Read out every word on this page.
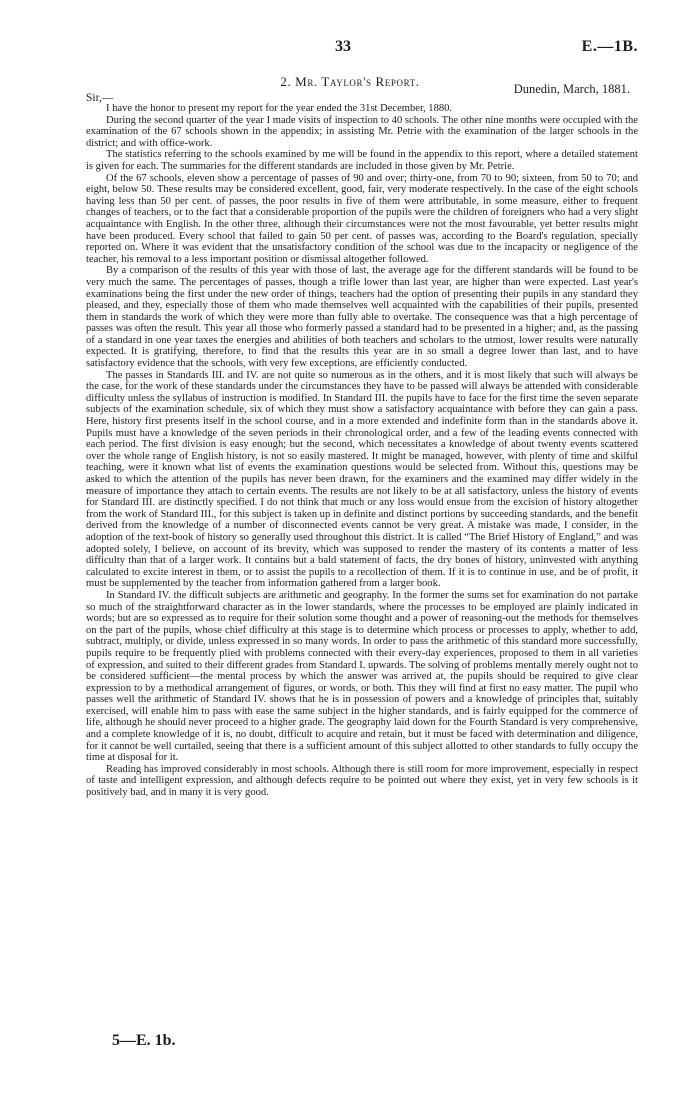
33	E.—1B.
2. Mr. Taylor's Report.	Dunedin, March, 1881.
Sir,—

I have the honor to present my report for the year ended the 31st December, 1880.

During the second quarter of the year I made visits of inspection to 40 schools. The other nine months were occupied with the examination of the 67 schools shown in the appendix; in assisting Mr. Petrie with the examination of the larger schools in the district; and with office-work.

The statistics referring to the schools examined by me will be found in the appendix to this report, where a detailed statement is given for each. The summaries for the different standards are included in those given by Mr. Petrie.

Of the 67 schools, eleven show a percentage of passes of 90 and over; thirty-one, from 70 to 90; sixteen, from 50 to 70; and eight, below 50. These results may be considered excellent, good, fair, very moderate respectively. In the case of the eight schools having less than 50 per cent. of passes, the poor results in five of them were attributable, in some measure, either to frequent changes of teachers, or to the fact that a considerable proportion of the pupils were the children of foreigners who had a very slight acquaintance with English. In the other three, although their circumstances were not the most favourable, yet better results might have been produced. Every school that failed to gain 50 per cent. of passes was, according to the Board's regulation, specially reported on. Where it was evident that the unsatisfactory condition of the school was due to the incapacity or negligence of the teacher, his removal to a less important position or dismissal altogether followed.

By a comparison of the results of this year with those of last, the average age for the different standards will be found to be very much the same. The percentages of passes, though a trifle lower than last year, are higher than were expected. Last year's examinations being the first under the new order of things, teachers had the option of presenting their pupils in any standard they pleased, and they, especially those of them who made themselves well acquainted with the capabilities of their pupils, presented them in standards the work of which they were more than fully able to overtake. The consequence was that a high percentage of passes was often the result. This year all those who formerly passed a standard had to be presented in a higher; and, as the passing of a standard in one year taxes the energies and abilities of both teachers and scholars to the utmost, lower results were naturally expected. It is gratifying, therefore, to find that the results this year are in so small a degree lower than last, and to have satisfactory evidence that the schools, with very few exceptions, are efficiently conducted.

The passes in Standards III. and IV. are not quite so numerous as in the others, and it is most likely that such will always be the case, for the work of these standards under the circumstances they have to be passed will always be attended with considerable difficulty unless the syllabus of instruction is modified. In Standard III. the pupils have to face for the first time the seven separate subjects of the examination schedule, six of which they must show a satisfactory acquaintance with before they can gain a pass. Here, history first presents itself in the school course, and in a more extended and indefinite form than in the standards above it. Pupils must have a knowledge of the seven periods in their chronological order, and a few of the leading events connected with each period. The first division is easy enough; but the second, which necessitates a knowledge of about twenty events scattered over the whole range of English history, is not so easily mastered. It might be managed, however, with plenty of time and skilful teaching, were it known what list of events the examination questions would be selected from. Without this, questions may be asked to which the attention of the pupils has never been drawn, for the examiners and the examined may differ widely in the measure of importance they attach to certain events. The results are not likely to be at all satisfactory, unless the history of events for Standard III. are distinctly specified. I do not think that much or any loss would ensue from the excision of history altogether from the work of Standard III., for this subject is taken up in definite and distinct portions by succeeding standards, and the benefit derived from the knowledge of a number of disconnected events cannot be very great. A mistake was made, I consider, in the adoption of the text-book of history so generally used throughout this district. It is called “The Brief History of England,” and was adopted solely, I believe, on account of its brevity, which was supposed to render the mastery of its contents a matter of less difficulty than that of a larger work. It contains but a bald statement of facts, the dry bones of history, uninvested with anything calculated to excite interest in them, or to assist the pupils to a recollection of them. If it is to continue in use, and be of profit, it must be supplemented by the teacher from information gathered from a larger book.

In Standard IV. the difficult subjects are arithmetic and geography. In the former the sums set for examination do not partake so much of the straightforward character as in the lower standards, where the processes to be employed are plainly indicated in words; but are so expressed as to require for their solution some thought and a power of reasoning-out the methods for themselves on the part of the pupils, whose chief difficulty at this stage is to determine which process or processes to apply, whether to add, subtract, multiply, or divide, unless expressed in so many words. In order to pass the arithmetic of this standard more successfully, pupils require to be frequently plied with problems connected with their every-day experiences, proposed to them in all varieties of expression, and suited to their different grades from Standard I. upwards. The solving of problems mentally merely ought not to be considered sufficient—the mental process by which the answer was arrived at, the pupils should be required to give clear expression to by a methodical arrangement of figures, or words, or both. This they will find at first no easy matter. The pupil who passes well the arithmetic of Standard IV. shows that he is in possession of powers and a knowledge of principles that, suitably exercised, will enable him to pass with ease the same subject in the higher standards, and is fairly equipped for the commerce of life, although he should never proceed to a higher grade. The geography laid down for the Fourth Standard is very comprehensive, and a complete knowledge of it is, no doubt, difficult to acquire and retain, but it must be faced with determination and diligence, for it cannot be well curtailed, seeing that there is a sufficient amount of this subject allotted to other standards to fully occupy the time at disposal for it.

Reading has improved considerably in most schools. Although there is still room for more improvement, especially in respect of taste and intelligent expression, and although defects require to be pointed out where they exist, yet in very few schools is it positively bad, and in many it is very good.

5—E. 1b.
